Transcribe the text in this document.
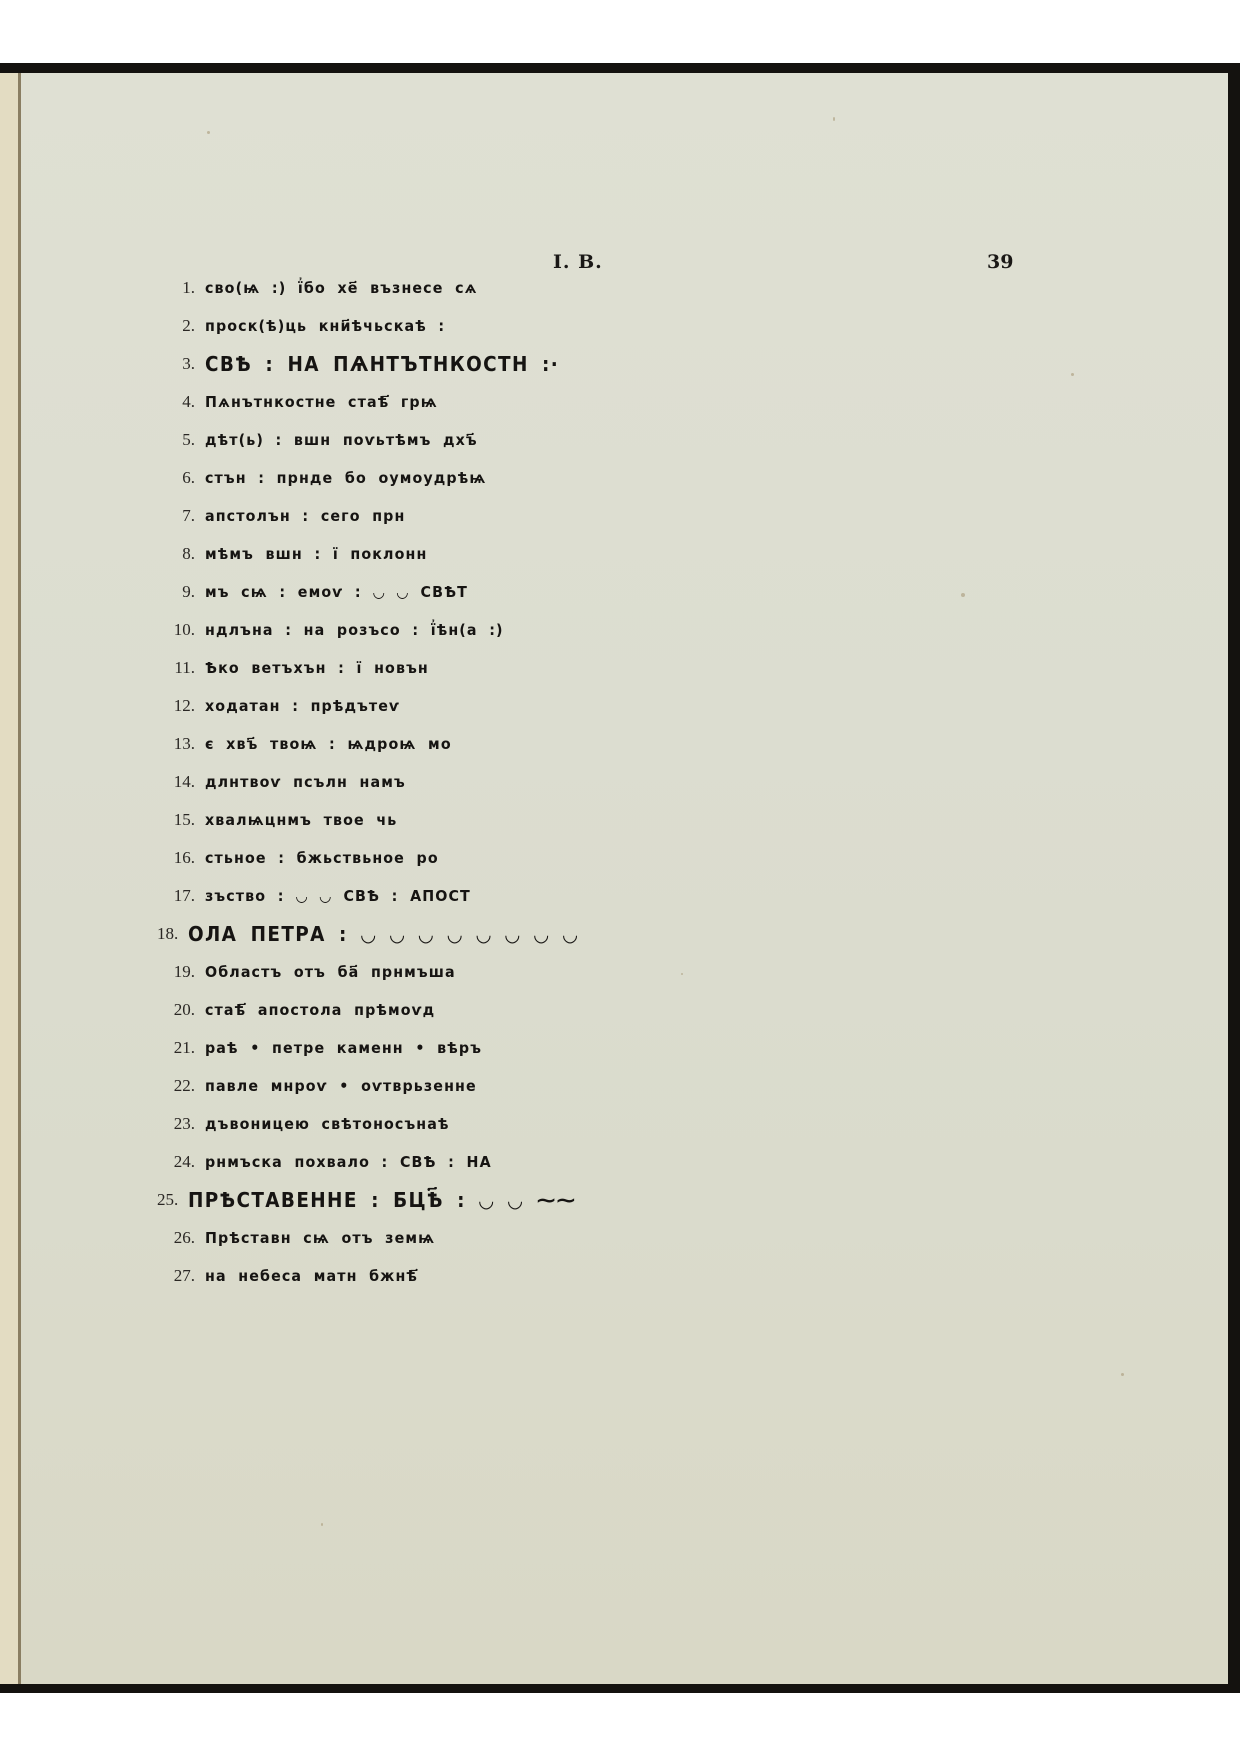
I. B.	39
1. сво(ѩ :) ї҆бо хе҃ възнесе сѧ
2. проск(ѣ)ць кни҃ѣчьскаѣ :
3. СВѢ : НА ПѦНТЪТНКОСТН :·
4. Пѧнътнкостне стаѣ҃ грѩ
5. дѣт(ь) : вшн поѵьтѣмъ дхъ҃
6. стън : прнде бо оумоудрѣѩ
7. апстолън : сего прн
8. мѣмъ вшн : ї поклонн
9. мъ сѩ : емоѵ : ◡ ◡ СВѢТ
10. ндлъна : на розъсо : ї҆ѣн(а :)
11. Ѣко ветъхън : ї новън
12. ходатан : прѣдътеѵ
13. є хвъ҃ твоѩ : ѩдроѩ мо
14. длнтвоѵ псълн намъ
15. хвалѩцнмъ твое чь
16. стьное : бжьствьное ро
17. зъство : ◡ ◡ СВѢ : АПОСТ
18. ОЛА ПЕТРА : ◡ ◡ ◡ ◡ ◡ ◡ ◡ ◡
19. Областъ отъ ба҃ прнмъша
20. стаѣ҃ апостола прѣмоѵд
21. раѣ • петре каменн • вѣръ
22. павле мнроѵ • оѵтврьзенне
23. дъвоницею свѣтоносънаѣ
24. рнмъска похвало : СВѢ : НА
25. ПРѢСТАВЕННЕ : БЦѢ҃ : ◡ ◡ ⁓⁓
26. Прѣставн сѩ отъ земѩ
27. на небеса матн бжнѣ҃
